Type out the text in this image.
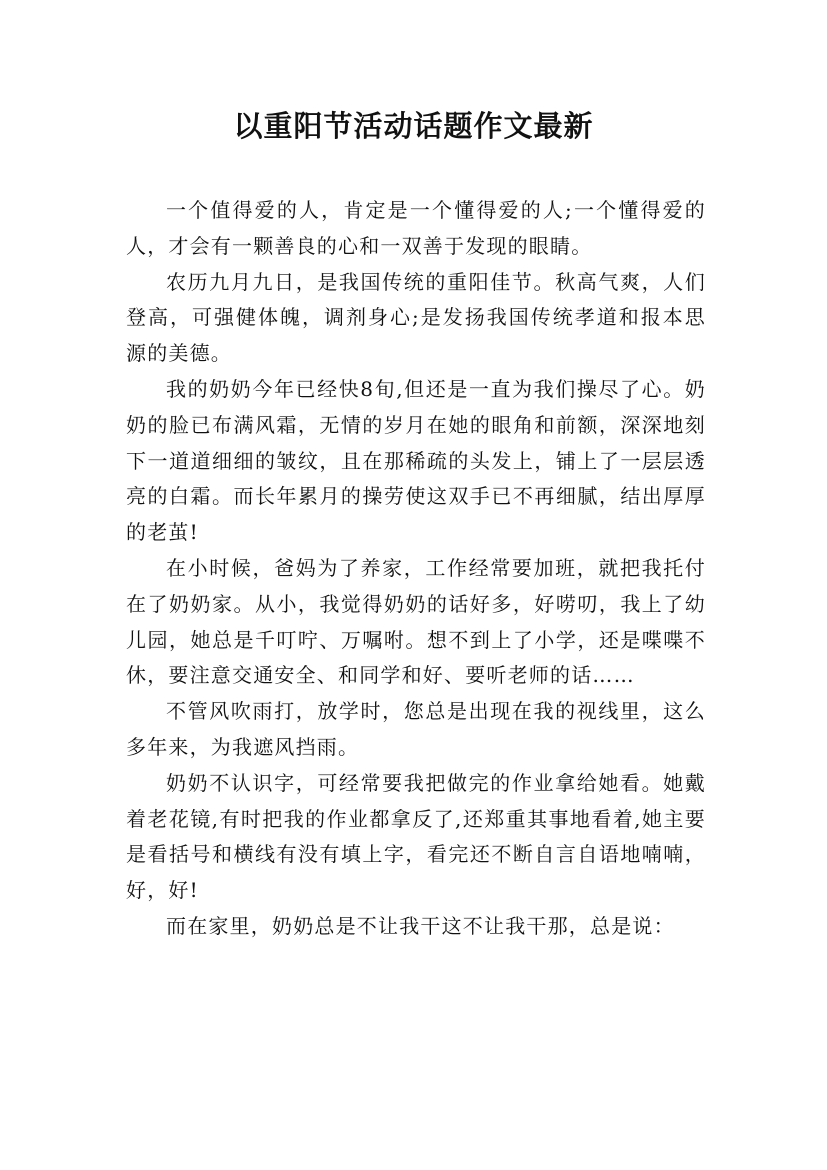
以重阳节活动话题作文最新

一个值得爱的人，肯定是一个懂得爱的人;一个懂得爱的人，才会有一颗善良的心和一双善于发现的眼睛。

农历九月九日，是我国传统的重阳佳节。秋高气爽，人们登高，可强健体魄，调剂身心;是发扬我国传统孝道和报本思源的美德。

我的奶奶今年已经快8旬,但还是一直为我们操尽了心。奶奶的脸已布满风霜，无情的岁月在她的眼角和前额，深深地刻下一道道细细的皱纹，且在那稀疏的头发上，铺上了一层层透亮的白霜。而长年累月的操劳使这双手已不再细腻，结出厚厚的老茧!

在小时候，爸妈为了养家，工作经常要加班，就把我托付在了奶奶家。从小，我觉得奶奶的话好多，好唠叨，我上了幼儿园，她总是千叮咛、万嘱咐。想不到上了小学，还是喋喋不休，要注意交通安全、和同学和好、要听老师的话……

不管风吹雨打，放学时，您总是出现在我的视线里，这么多年来，为我遮风挡雨。

奶奶不认识字，可经常要我把做完的作业拿给她看。她戴着老花镜,有时把我的作业都拿反了,还郑重其事地看着,她主要是看括号和横线有没有填上字，看完还不断自言自语地喃喃，好，好!

而在家里，奶奶总是不让我干这不让我干那，总是说：
